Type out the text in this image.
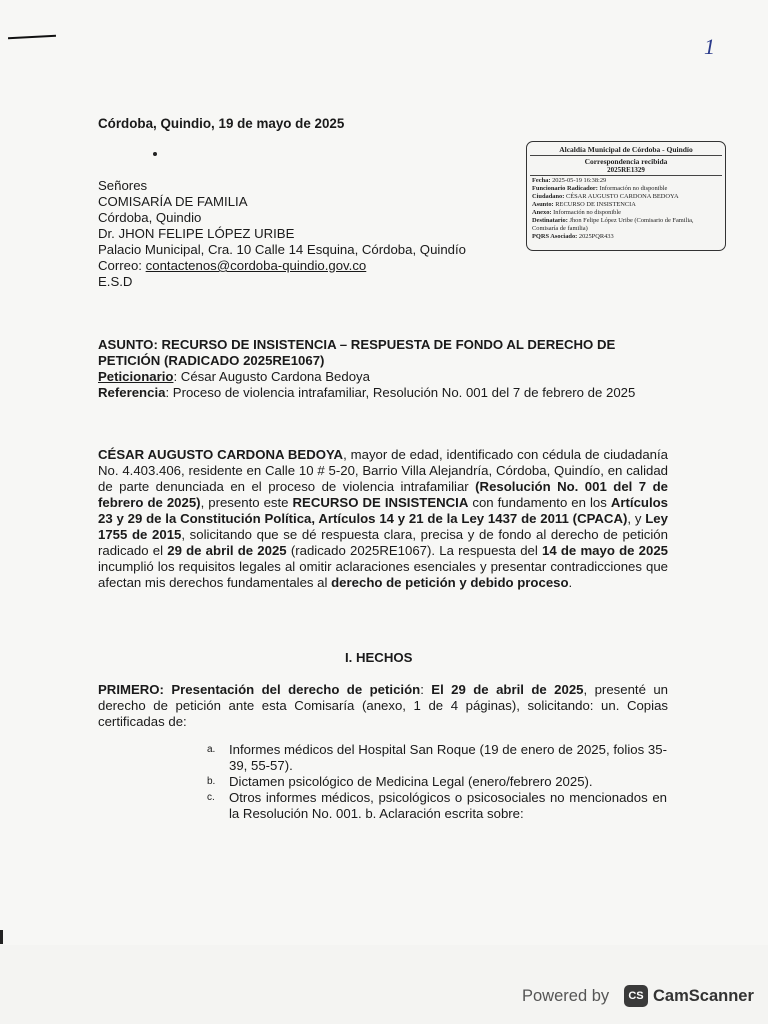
1
Córdoba, Quindio, 19 de mayo de 2025
Señores
COMISARÍA DE FAMILIA
Córdoba, Quindio
Dr. JHON FELIPE LÓPEZ URIBE
Palacio Municipal, Cra. 10 Calle 14 Esquina, Córdoba, Quindío
Correo: contactenos@cordoba-quindio.gov.co
E.S.D
Alcaldía Municipal de Córdoba - Quindío
Correspondencia recibida
2025RE1329
Fecha: 2025-05-19 16:38:29
Funcionario Radicador: Información no disponible
Ciudadano: CÉSAR AUGUSTO CARDONA BEDOYA
Asunto: RECURSO DE INSISTENCIA
Anexo: Información no disponible
Destinatario: Jhon Felipe López Uribe (Comisario de Familia, Comisaría de familia)
PQRS Asociado: 2025PQR433
ASUNTO: RECURSO DE INSISTENCIA – RESPUESTA DE FONDO AL DERECHO DE
PETICIÓN (RADICADO 2025RE1067)
Peticionario: César Augusto Cardona Bedoya
Referencia: Proceso de violencia intrafamiliar, Resolución No. 001 del 7 de febrero de 2025
CÉSAR AUGUSTO CARDONA BEDOYA, mayor de edad, identificado con cédula de ciudadanía No. 4.403.406, residente en Calle 10 # 5-20, Barrio Villa Alejandría, Córdoba, Quindío, en calidad de parte denunciada en el proceso de violencia intrafamiliar (Resolución No. 001 del 7 de febrero de 2025), presento este RECURSO DE INSISTENCIA con fundamento en los Artículos 23 y 29 de la Constitución Política, Artículos 14 y 21 de la Ley 1437 de 2011 (CPACA), y Ley 1755 de 2015, solicitando que se dé respuesta clara, precisa y de fondo al derecho de petición radicado el 29 de abril de 2025 (radicado 2025RE1067). La respuesta del 14 de mayo de 2025 incumplió los requisitos legales al omitir aclaraciones esenciales y presentar contradicciones que afectan mis derechos fundamentales al derecho de petición y debido proceso.
I. HECHOS
PRIMERO: Presentación del derecho de petición: El 29 de abril de 2025, presenté un derecho de petición ante esta Comisaría (anexo, 1 de 4 páginas), solicitando: un. Copias certificadas de:
a. Informes médicos del Hospital San Roque (19 de enero de 2025, folios 35-39, 55-57).
b. Dictamen psicológico de Medicina Legal (enero/febrero 2025).
c. Otros informes médicos, psicológicos o psicosociales no mencionados en la Resolución No. 001. b. Aclaración escrita sobre:
Powered by	CS CamScanner
